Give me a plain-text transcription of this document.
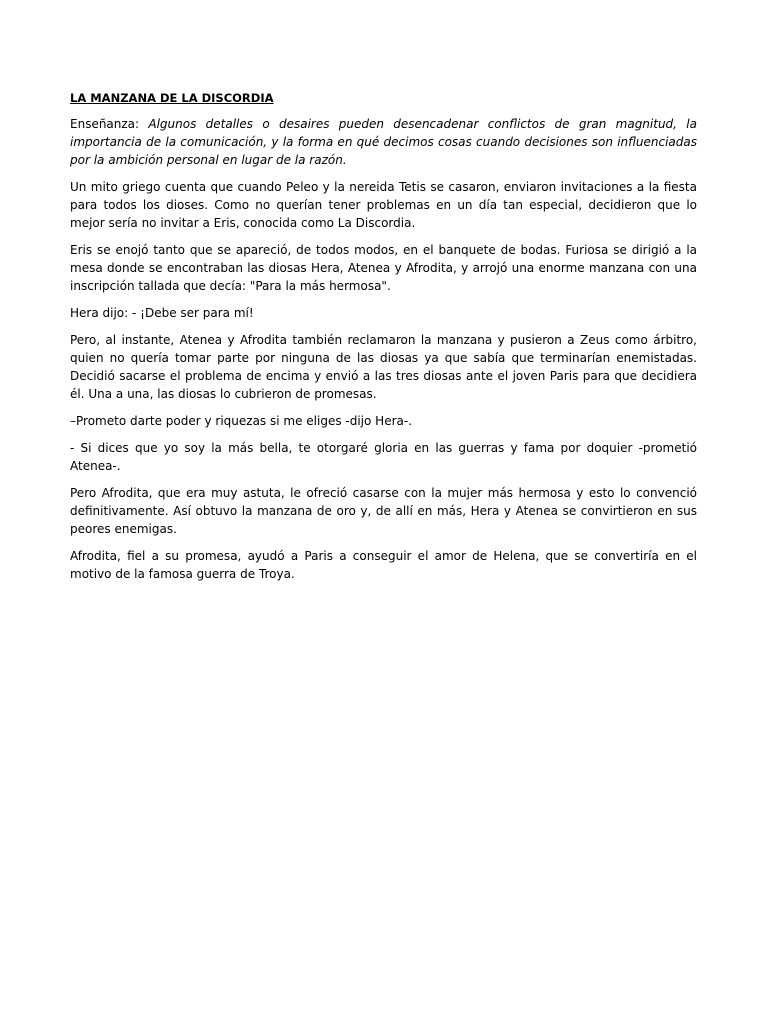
LA MANZANA DE LA DISCORDIA

Enseñanza: Algunos detalles o desaires pueden desencadenar conflictos de gran magnitud, la importancia de la comunicación, y la forma en qué decimos cosas cuando decisiones son influenciadas por la ambición personal en lugar de la razón.

Un mito griego cuenta que cuando Peleo y la nereida Tetis se casaron, enviaron invitaciones a la fiesta para todos los dioses. Como no querían tener problemas en un día tan especial, decidieron que lo mejor sería no invitar a Eris, conocida como La Discordia.

Eris se enojó tanto que se apareció, de todos modos, en el banquete de bodas. Furiosa se dirigió a la mesa donde se encontraban las diosas Hera, Atenea y Afrodita, y arrojó una enorme manzana con una inscripción tallada que decía: "Para la más hermosa".

Hera dijo: - ¡Debe ser para mí!

Pero, al instante, Atenea y Afrodita también reclamaron la manzana y pusieron a Zeus como árbitro, quien no quería tomar parte por ninguna de las diosas ya que sabía que terminarían enemistadas. Decidió sacarse el problema de encima y envió a las tres diosas ante el joven Paris para que decidiera él. Una a una, las diosas lo cubrieron de promesas.

–Prometo darte poder y riquezas si me eliges -dijo Hera-.

- Si dices que yo soy la más bella, te otorgaré gloria en las guerras y fama por doquier -prometió Atenea-.

Pero Afrodita, que era muy astuta, le ofreció casarse con la mujer más hermosa y esto lo convenció definitivamente. Así obtuvo la manzana de oro y, de allí en más, Hera y Atenea se convirtieron en sus peores enemigas.

Afrodita, fiel a su promesa, ayudó a Paris a conseguir el amor de Helena, que se convertiría en el motivo de la famosa guerra de Troya.
